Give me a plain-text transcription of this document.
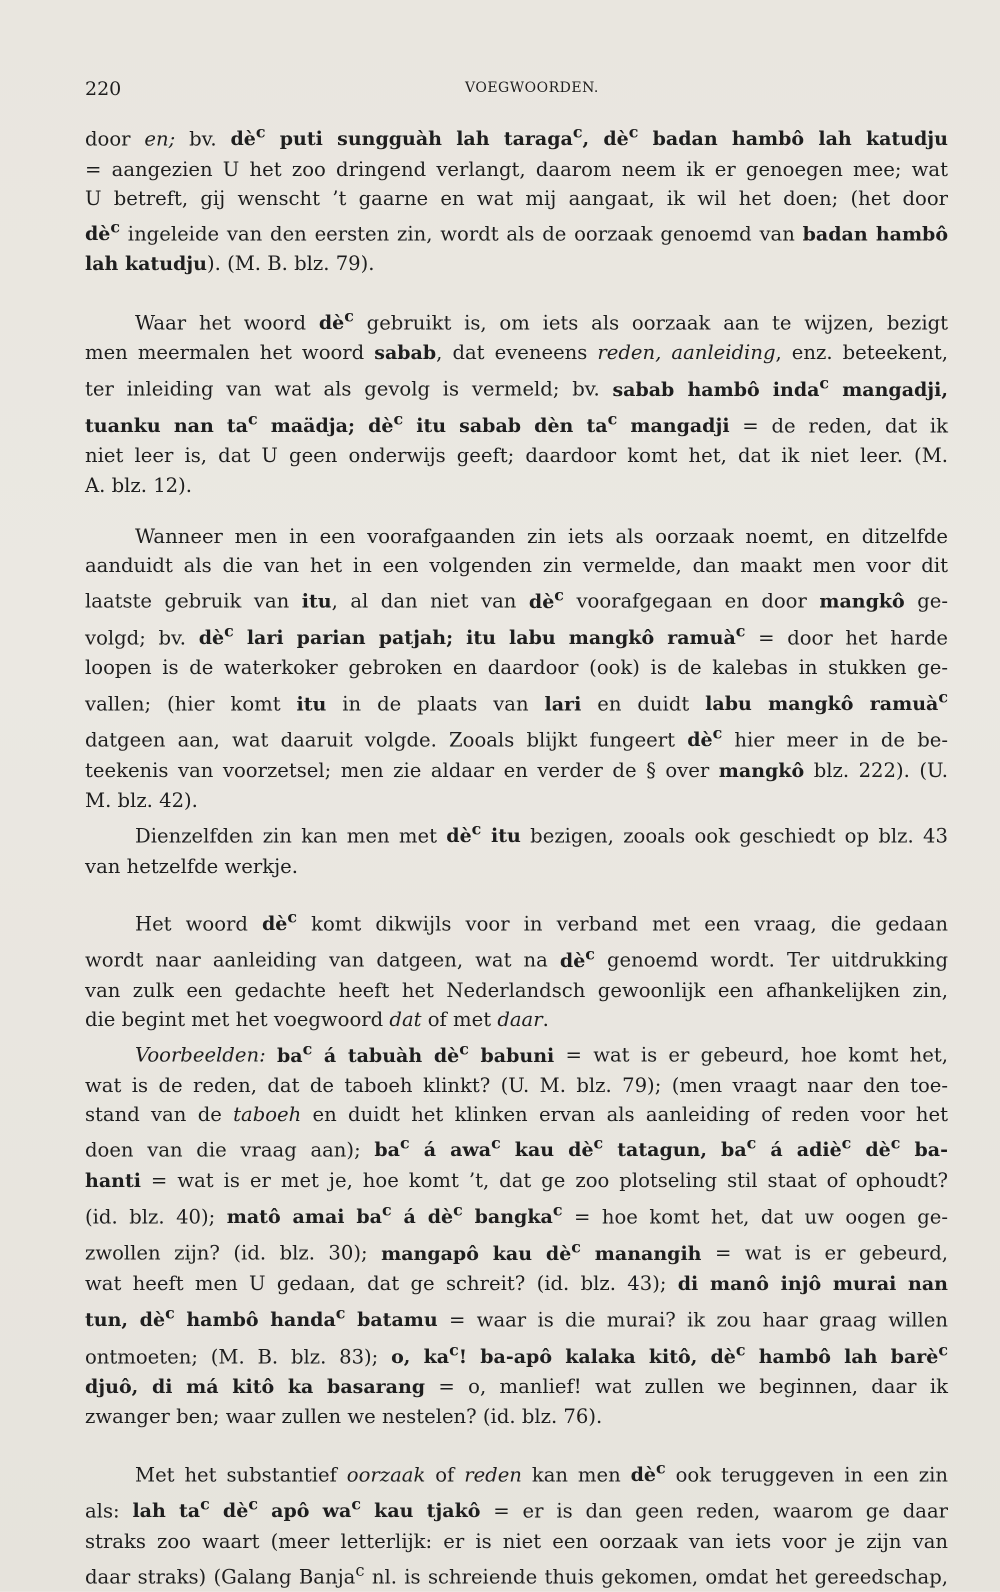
220	VOEGWOORDEN.

door en; bv. $dè^c$ puti sungguàh lah taraga$^c$, $dè^c$ badan hambô lah katudju

= aangezien U het zoo dringend verlangt, daarom neem ik er genoegen mee; wat

U betreft, gij wenscht ’t gaarne en wat mij aangaat, ik wil het doen; (het door

$dè^c$ ingeleide van den eersten zin, wordt als de oorzaak genoemd van badan hambô

lah katudju). (M. B. blz. 79).

Waar het woord $dè^c$ gebruikt is, om iets als oorzaak aan te wijzen, bezigt

men meermalen het woord sabab, dat eveneens reden, aanleiding, enz. beteekent,

ter inleiding van wat als gevolg is vermeld; bv. sabab hambô inda$^c$ mangadji,

tuanku nan $ta^c$ maädja; $dè^c$ itu sabab dèn $ta^c$ mangadji = de reden, dat ik

niet leer is, dat U geen onderwijs geeft; daardoor komt het, dat ik niet leer. (M.

A. blz. 12).

Wanneer men in een voorafgaanden zin iets als oorzaak noemt, en ditzelfde

aanduidt als die van het in een volgenden zin vermelde, dan maakt men voor dit

laatste gebruik van itu, al dan niet van $dè^c$ voorafgegaan en door mangkô ge-

volgd; bv. $dè^c$ lari parian patjah; itu labu mangkô ramuà$^c$ = door het harde

loopen is de waterkoker gebroken en daardoor (ook) is de kalebas in stukken ge-

vallen; (hier komt itu in de plaats van lari en duidt labu mangkô ramuà$^c$

datgeen aan, wat daaruit volgde. Zooals blijkt fungeert $dè^c$ hier meer in de be-

teekenis van voorzetsel; men zie aldaar en verder de § over mangkô blz. 222). (U.

M. blz. 42).

Dienzelfden zin kan men met $dè^c$ itu bezigen, zooals ook geschiedt op blz. 43

van hetzelfde werkje.

Het woord $dè^c$ komt dikwijls voor in verband met een vraag, die gedaan

wordt naar aanleiding van datgeen, wat na $dè^c$ genoemd wordt. Ter uitdrukking

van zulk een gedachte heeft het Nederlandsch gewoonlijk een afhankelijken zin,

die begint met het voegwoord dat of met daar.

Voorbeelden: $ba^c$ á tabuàh $dè^c$ babuni = wat is er gebeurd, hoe komt het,

wat is de reden, dat de taboeh klinkt? (U. M. blz. 79); (men vraagt naar den toe-

stand van de taboeh en duidt het klinken ervan als aanleiding of reden voor het

doen van die vraag aan); $ba^c$ á awa$^c$ kau $dè^c$ tatagun, $ba^c$ á adiè$^c$ $dè^c$ ba-

hanti = wat is er met je, hoe komt ’t, dat ge zoo plotseling stil staat of ophoudt?

(id. blz. 40); matô amai $ba^c$ á $dè^c$ bangka$^c$ = hoe komt het, dat uw oogen ge-

zwollen zijn? (id. blz. 30); mangapô kau $dè^c$ manangih = wat is er gebeurd,

wat heeft men U gedaan, dat ge schreit? (id. blz. 43); di manô injô murai nan

tun, $dè^c$ hambô handa$^c$ batamu = waar is die murai? ik zou haar graag willen

ontmoeten; (M. B. blz. 83); o, $ka^c$! ba-apô kalaka kitô, $dè^c$ hambô lah barè$^c$

djuô, di má kitô ka basarang = o, manlief! wat zullen we beginnen, daar ik

zwanger ben; waar zullen we nestelen? (id. blz. 76).

Met het substantief oorzaak of reden kan men $dè^c$ ook teruggeven in een zin

als: lah $ta^c$ $dè^c$ apô $wa^c$ kau tjakô = er is dan geen reden, waarom ge daar

straks zoo waart (meer letterlijk: er is niet een oorzaak van iets voor je zijn van

daar straks) (Galang Banja$^c$ nl. is schreiende thuis gekomen, omdat het gereedschap,
